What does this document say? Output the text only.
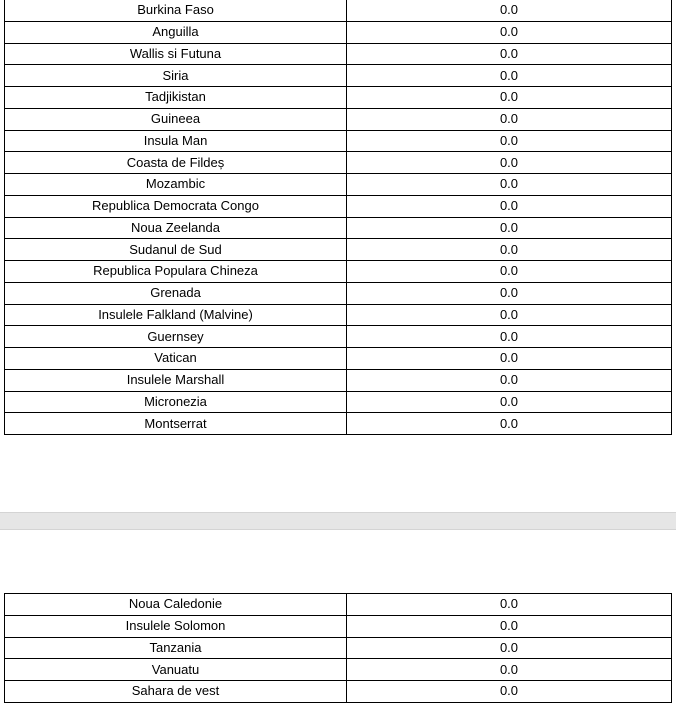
Burkina Faso	0.0
Anguilla	0.0
Wallis si Futuna	0.0
Siria	0.0
Tadjikistan	0.0
Guineea	0.0
Insula Man	0.0
Coasta de Fildeș	0.0
Mozambic	0.0
Republica Democrata Congo	0.0
Noua Zeelanda	0.0
Sudanul de Sud	0.0
Republica Populara Chineza	0.0
Grenada	0.0
Insulele Falkland (Malvine)	0.0
Guernsey	0.0
Vatican	0.0
Insulele Marshall	0.0
Micronezia	0.0
Montserrat	0.0
Noua Caledonie	0.0
Insulele Solomon	0.0
Tanzania	0.0
Vanuatu	0.0
Sahara de vest	0.0
